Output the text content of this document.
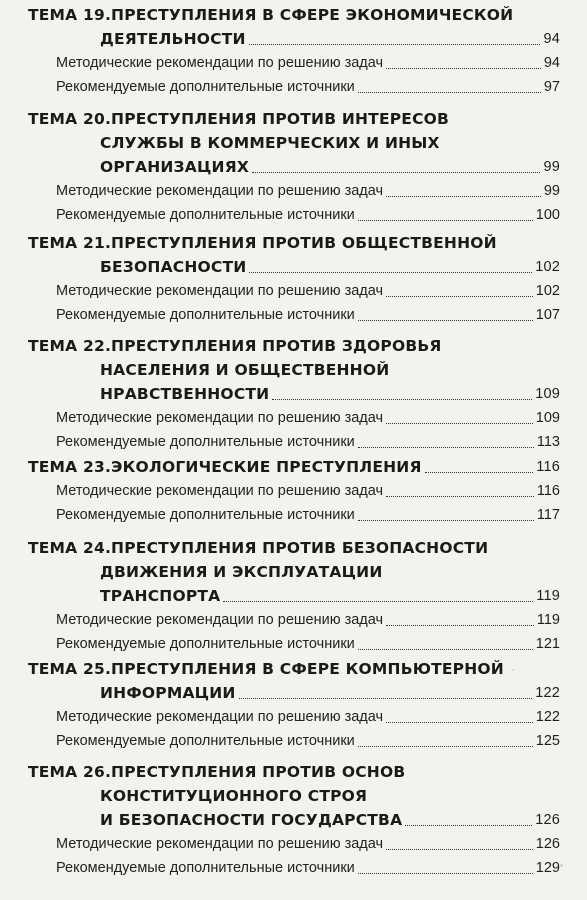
ТЕМА 19. ПРЕСТУПЛЕНИЯ В СФЕРЕ ЭКОНОМИЧЕСКОЙ
ДЕЯТЕЛЬНОСТИ	94
Методические рекомендации по решению задач	94
Рекомендуемые дополнительные источники	97
ТЕМА 20. ПРЕСТУПЛЕНИЯ ПРОТИВ ИНТЕРЕСОВ
СЛУЖБЫ В КОММЕРЧЕСКИХ И ИНЫХ
ОРГАНИЗАЦИЯХ	99
Методические рекомендации по решению задач	99
Рекомендуемые дополнительные источники	100
ТЕМА 21. ПРЕСТУПЛЕНИЯ ПРОТИВ ОБЩЕСТВЕННОЙ
БЕЗОПАСНОСТИ	102
Методические рекомендации по решению задач	102
Рекомендуемые дополнительные источники	107
ТЕМА 22. ПРЕСТУПЛЕНИЯ ПРОТИВ ЗДОРОВЬЯ
НАСЕЛЕНИЯ И ОБЩЕСТВЕННОЙ
НРАВСТВЕННОСТИ	109
Методические рекомендации по решению задач	109
Рекомендуемые дополнительные источники	113
ТЕМА 23. ЭКОЛОГИЧЕСКИЕ ПРЕСТУПЛЕНИЯ	116
Методические рекомендации по решению задач	116
Рекомендуемые дополнительные источники	117
ТЕМА 24. ПРЕСТУПЛЕНИЯ ПРОТИВ БЕЗОПАСНОСТИ
ДВИЖЕНИЯ И ЭКСПЛУАТАЦИИ
ТРАНСПОРТА	119
Методические рекомендации по решению задач	119
Рекомендуемые дополнительные источники	121
ТЕМА 25. ПРЕСТУПЛЕНИЯ В СФЕРЕ КОМПЬЮТЕРНОЙ
ИНФОРМАЦИИ	122
Методические рекомендации по решению задач	122
Рекомендуемые дополнительные источники	125
ТЕМА 26. ПРЕСТУПЛЕНИЯ ПРОТИВ ОСНОВ
КОНСТИТУЦИОННОГО СТРОЯ
И БЕЗОПАСНОСТИ ГОСУДАРСТВА	126
Методические рекомендации по решению задач	126
Рекомендуемые дополнительные источники	129
